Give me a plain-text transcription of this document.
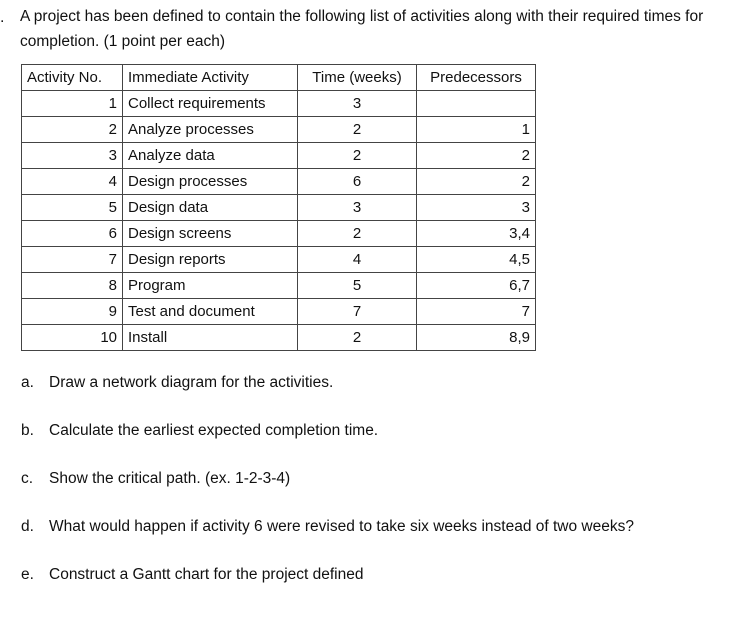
. A project has been defined to contain the following list of activities along with their required times for completion. (1 point per each)
Activity No.	Immediate Activity	Time (weeks)	Predecessors
1	Collect requirements	3	
2	Analyze processes	2	1
3	Analyze data	2	2
4	Design processes	6	2
5	Design data	3	3
6	Design screens	2	3,4
7	Design reports	4	4,5
8	Program	5	6,7
9	Test and document	7	7
10	Install	2	8,9
a. Draw a network diagram for the activities.
b. Calculate the earliest expected completion time.
c. Show the critical path. (ex. 1-2-3-4)
d. What would happen if activity 6 were revised to take six weeks instead of two weeks?
e. Construct a Gantt chart for the project defined
